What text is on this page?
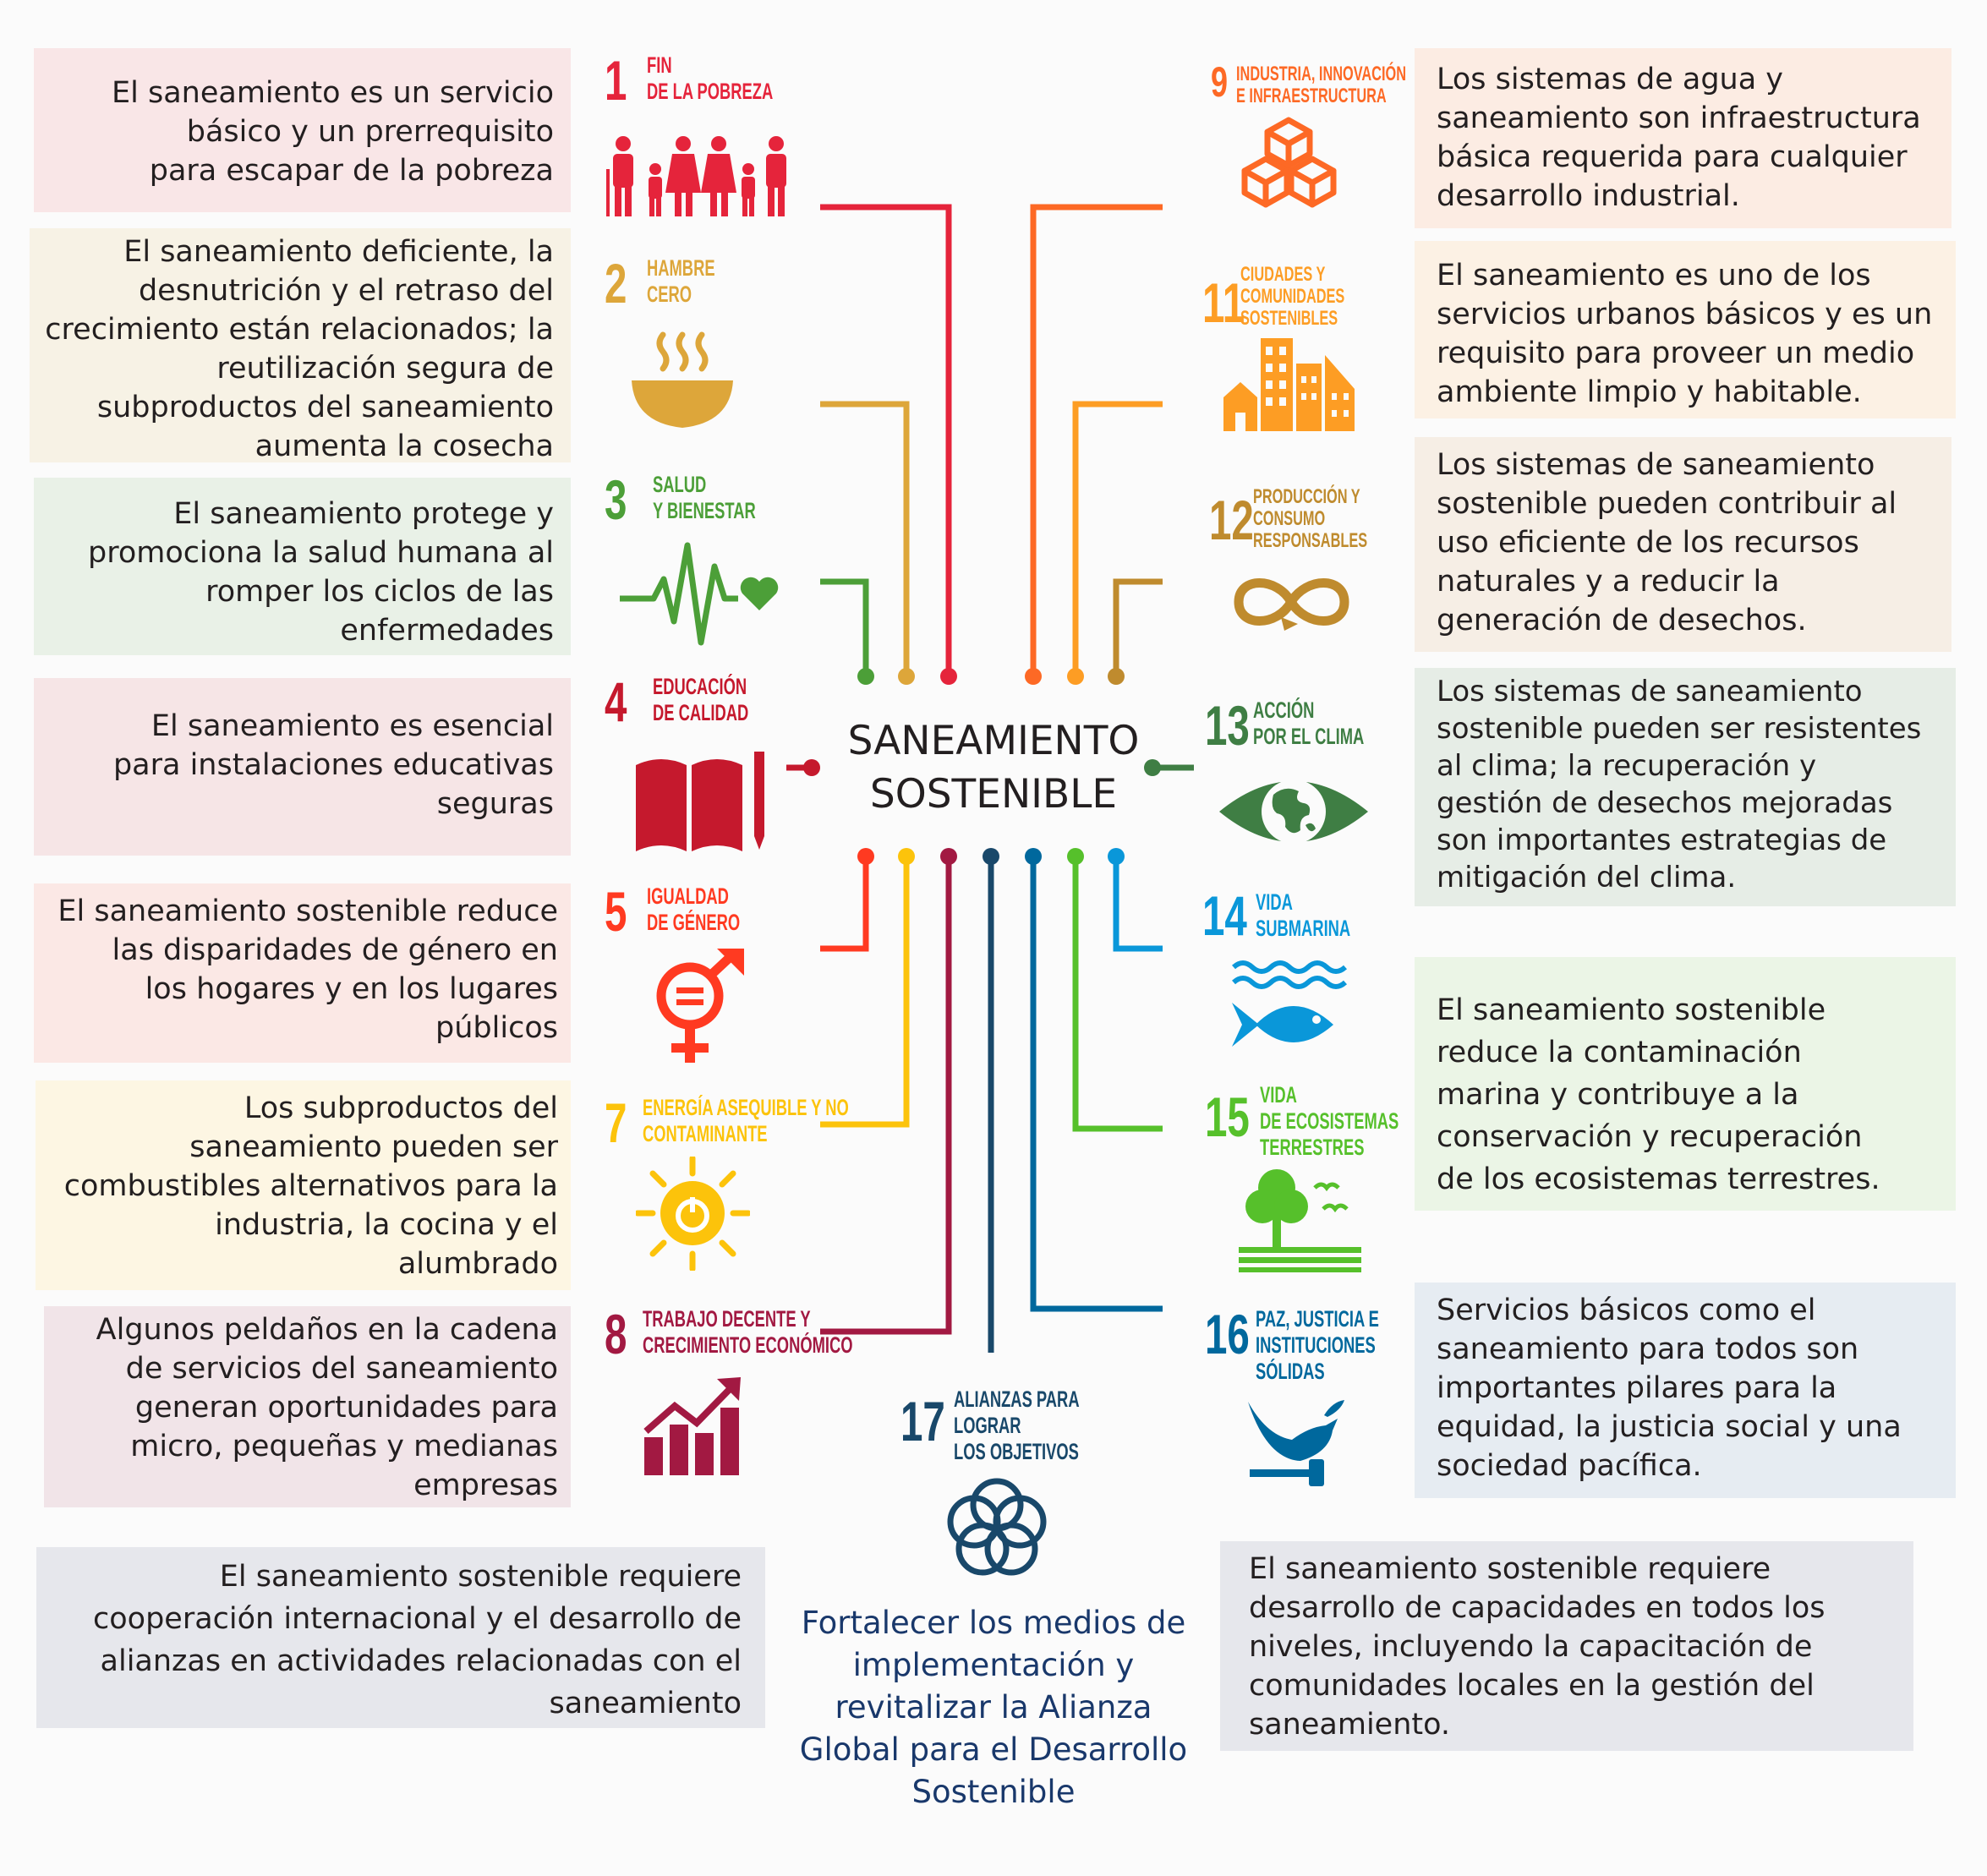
SANEAMIENTO
SOSTENIBLE
El saneamiento es un servicio
básico y un prerrequisito
para escapar de la pobreza
El saneamiento deficiente, la
desnutrición y el retraso del
crecimiento están relacionados; la
reutilización segura de
subproductos del saneamiento
aumenta la cosecha
El saneamiento protege y
promociona la salud humana al
romper los ciclos de las
enfermedades
El saneamiento es esencial
para instalaciones educativas
seguras
El saneamiento sostenible reduce
las disparidades de género en
los hogares y en los lugares
públicos
Los subproductos del
saneamiento pueden ser
combustibles alternativos para la
industria, la cocina y el
alumbrado
Algunos peldaños en la cadena
de servicios del saneamiento
generan oportunidades para
micro, pequeñas y medianas
empresas
Los sistemas de agua y
saneamiento son infraestructura
básica requerida para cualquier
desarrollo industrial.
El saneamiento es uno de los
servicios urbanos básicos y es un
requisito para proveer un medio
ambiente limpio y habitable.
Los sistemas de saneamiento
sostenible pueden contribuir al
uso eficiente de los recursos
naturales y a reducir la
generación de desechos.
Los sistemas de saneamiento
sostenible pueden ser resistentes
al clima; la recuperación y
gestión de desechos mejoradas
son importantes estrategias de
mitigación del clima.
El saneamiento sostenible
reduce la contaminación
marina y contribuye a la
conservación y recuperación
de los ecosistemas terrestres.
Servicios básicos como el
saneamiento para todos son
importantes pilares para la
equidad, la justicia social y una
sociedad pacífica.
El saneamiento sostenible requiere
cooperación internacional y el desarrollo de
alianzas en actividades relacionadas con el
saneamiento
El saneamiento sostenible requiere
desarrollo de capacidades en todos los
niveles, incluyendo la capacitación de
comunidades locales en la gestión del
saneamiento.
Fortalecer los medios de
implementación y
revitalizar la Alianza
Global para el Desarrollo
Sostenible
1 FIN
DE LA POBREZA
2 HAMBRE
CERO
3 SALUD
Y BIENESTAR
4 EDUCACIÓN
DE CALIDAD
5 IGUALDAD
DE GÉNERO
7 ENERGÍA ASEQUIBLE Y NO
CONTAMINANTE
8 TRABAJO DECENTE Y
CRECIMIENTO ECONÓMICO
9 INDUSTRIA, INNOVACIÓN
E INFRAESTRUCTURA
11
CIUDADES Y
COMUNIDADES
SOSTENIBLES
12 PRODUCCIÓN Y
CONSUMO
RESPONSABLES
13 ACCIÓN
POR EL CLIMA
14 VIDA
SUBMARINA
15 VIDA
DE ECOSISTEMAS
TERRESTRES
16 PAZ, JUSTICIA E
INSTITUCIONES
SÓLIDAS
17 ALIANZAS PARA
LOGRAR
LOS OBJETIVOS
